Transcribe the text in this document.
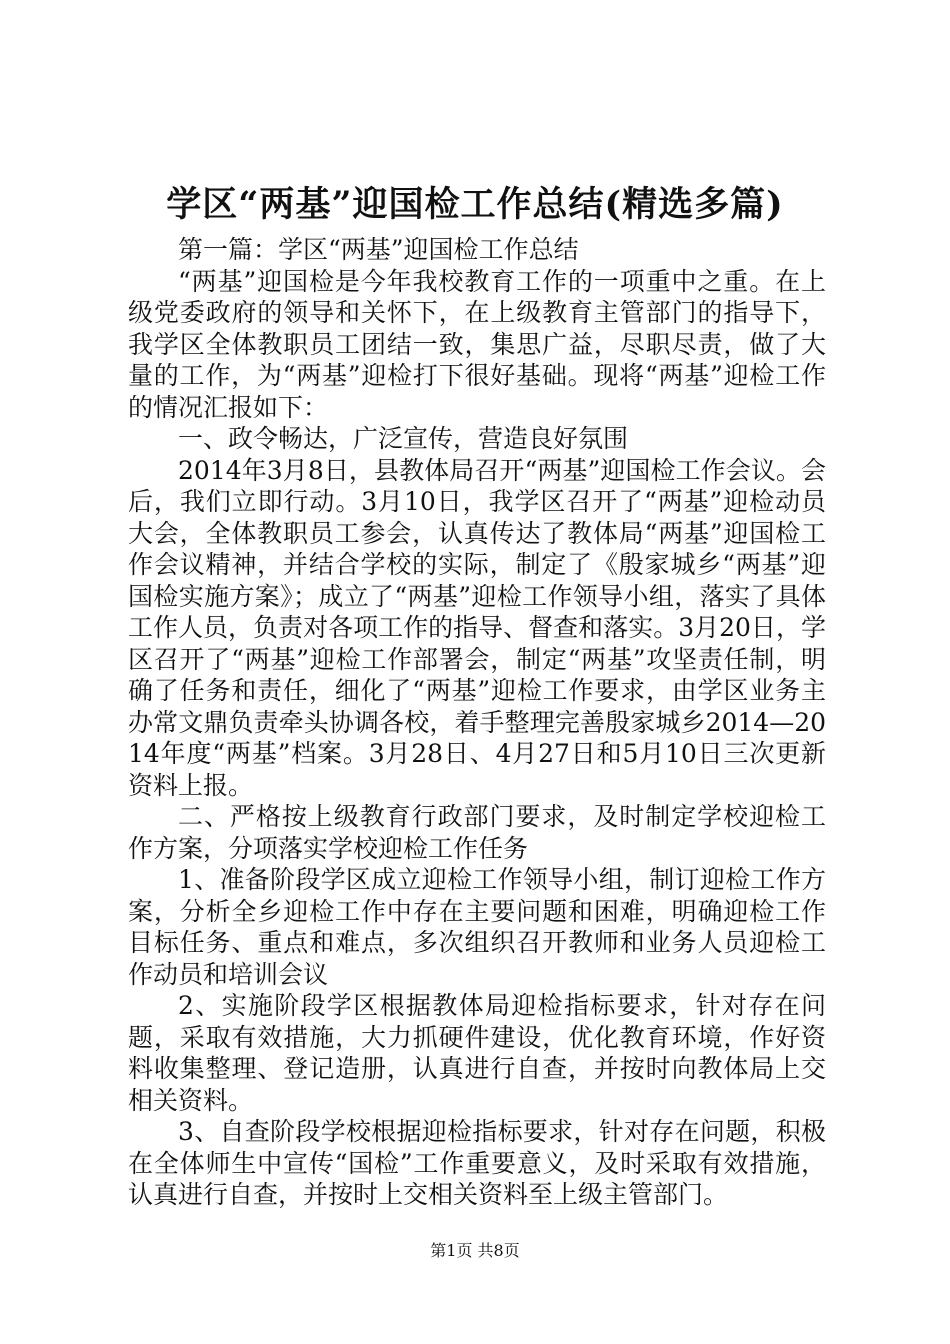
学区“两基”迎国检工作总结(精选多篇)

第一篇：学区“两基”迎国检工作总结

“两基”迎国检是今年我校教育工作的一项重中之重。在上级党委政府的领导和关怀下，在上级教育主管部门的指导下，我学区全体教职员工团结一致，集思广益，尽职尽责，做了大量的工作，为“两基”迎检打下很好基础。现将“两基”迎检工作的情况汇报如下：

一、政令畅达，广泛宣传，营造良好氛围

2014年3月8日，县教体局召开“两基”迎国检工作会议。会后，我们立即行动。3月10日，我学区召开了“两基”迎检动员大会，全体教职员工参会，认真传达了教体局“两基”迎国检工作会议精神，并结合学校的实际，制定了《殷家城乡“两基”迎国检实施方案》；成立了“两基”迎检工作领导小组，落实了具体工作人员，负责对各项工作的指导、督查和落实。3月20日，学区召开了“两基”迎检工作部署会，制定“两基”攻坚责任制，明确了任务和责任，细化了“两基”迎检工作要求，由学区业务主办常文鼎负责牵头协调各校，着手整理完善殷家城乡2014—2014年度“两基”档案。3月28日、4月27日和5月10日三次更新资料上报。

二、严格按上级教育行政部门要求，及时制定学校迎检工作方案，分项落实学校迎检工作任务

1、准备阶段学区成立迎检工作领导小组，制订迎检工作方案，分析全乡迎检工作中存在主要问题和困难，明确迎检工作目标任务、重点和难点，多次组织召开教师和业务人员迎检工作动员和培训会议

2、实施阶段学区根据教体局迎检指标要求，针对存在问题，采取有效措施，大力抓硬件建设，优化教育环境，作好资料收集整理、登记造册，认真进行自查，并按时向教体局上交相关资料。

3、自查阶段学校根据迎检指标要求，针对存在问题，积极在全体师生中宣传“国检”工作重要意义，及时采取有效措施，认真进行自查，并按时上交相关资料至上级主管部门。

第1页 共8页
